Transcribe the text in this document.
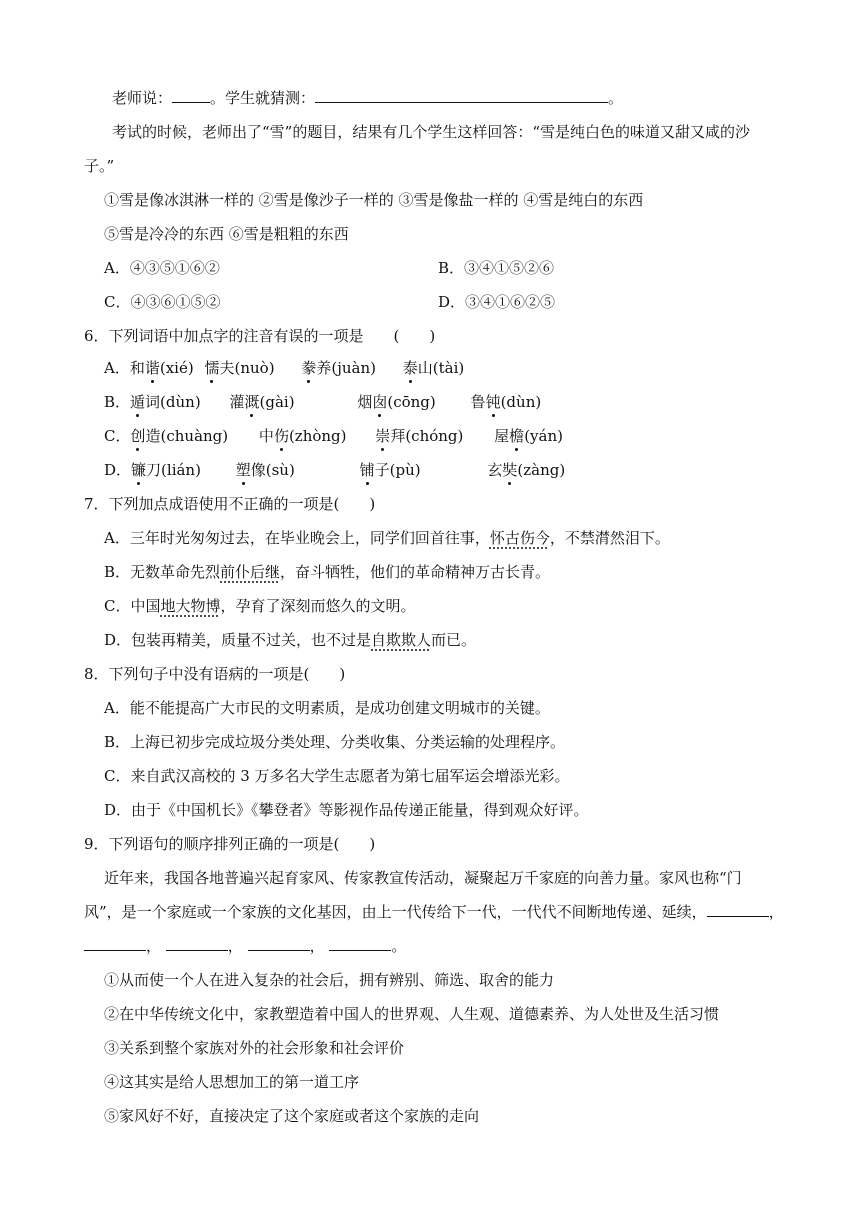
老师说：	。学生就猜测：	。
考试的时候，老师出了“雪”的题目，结果有几个学生这样回答：“雪是纯白色的味道又甜又咸的沙
子。”
①雪是像冰淇淋一样的 ②雪是像沙子一样的 ③雪是像盐一样的 ④雪是纯白的东西
⑤雪是冷冷的东西 ⑥雪是粗粗的东西
A．④③⑤①⑥②	B．③④①⑤②⑥
C．④③⑥①⑤②	D．③④①⑥②⑤
6．下列词语中加点字的注音有误的一项是　　(　　)
A．和谐(xié) 懦夫(nuò) 豢养(juàn) 泰山(tài)
B．遁词(dùn) 灌溉(gài)	烟囱(cōng) 鲁钝(dùn)
C．创造(chuàng) 中伤(zhòng) 崇拜(chóng) 屋檐(yán)
D．镰刀(lián) 塑像(sù)	铺子(pù)	玄奘(zàng)
7．下列加点成语使用不正确的一项是(　　)
A．三年时光匆匆过去，在毕业晚会上，同学们回首往事，怀古伤今，不禁潸然泪下。
B．无数革命先烈前仆后继，奋斗牺牲，他们的革命精神万古长青。
C．中国地大物博，孕育了深刻而悠久的文明。
D．包装再精美，质量不过关，也不过是自欺欺人而已。
8．下列句子中没有语病的一项是(　　)
A．能不能提高广大市民的文明素质，是成功创建文明城市的关键。
B．上海已初步完成垃圾分类处理、分类收集、分类运输的处理程序。
C．来自武汉高校的 3 万多名大学生志愿者为第七届军运会增添光彩。
D．由于《中国机长》《攀登者》等影视作品传递正能量，得到观众好评。
9．下列语句的顺序排列正确的一项是(　　)
近年来，我国各地普遍兴起育家风、传家教宣传活动，凝聚起万千家庭的向善力量。家风也称“门
风”，是一个家庭或一个家族的文化基因，由上一代传给下一代，一代代不间断地传递、延续，	，
，	，	，	。
①从而使一个人在进入复杂的社会后，拥有辨别、筛选、取舍的能力
②在中华传统文化中，家教塑造着中国人的世界观、人生观、道德素养、为人处世及生活习惯
③关系到整个家族对外的社会形象和社会评价
④这其实是给人思想加工的第一道工序
⑤家风好不好，直接决定了这个家庭或者这个家族的走向
